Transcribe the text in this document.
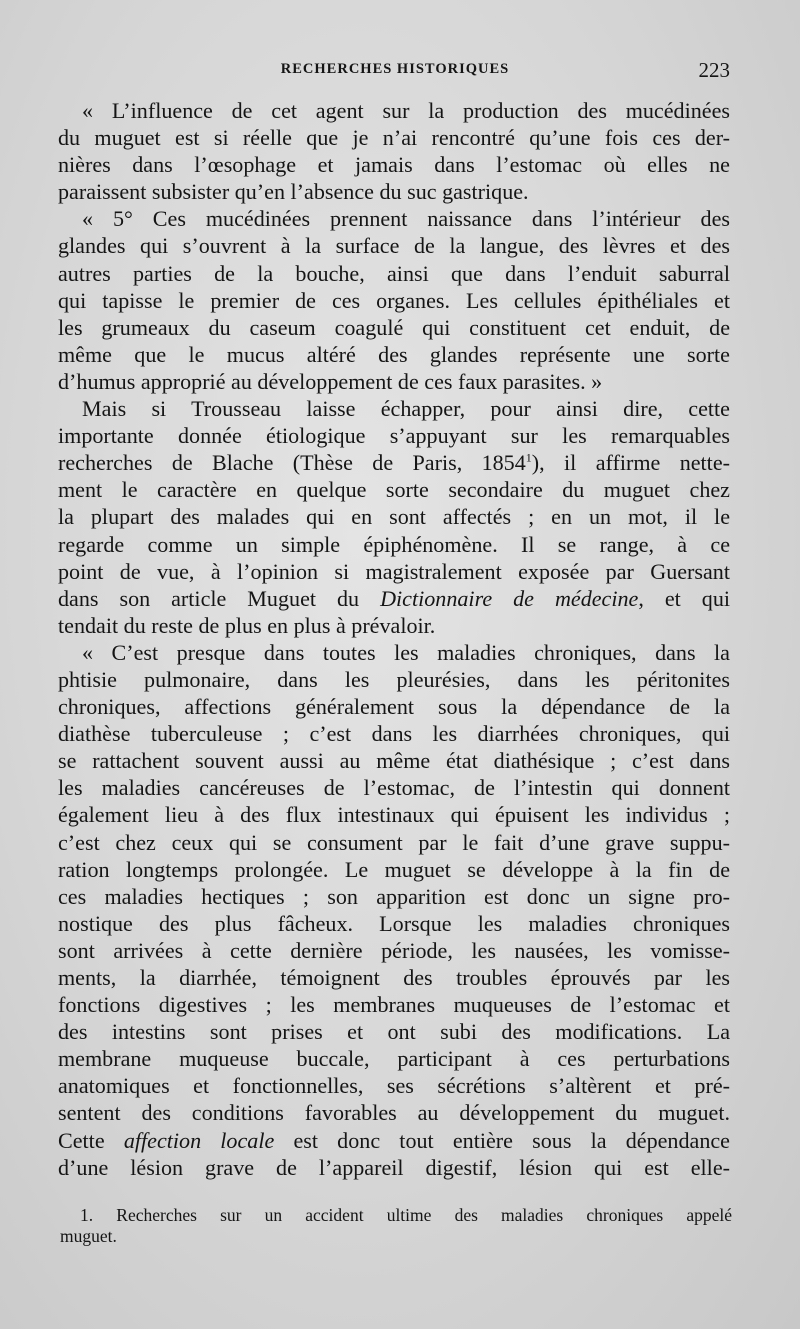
RECHERCHES HISTORIQUES	223
« L’influence de cet agent sur la production des mucédinées
du muguet est si réelle que je n’ai rencontré qu’une fois ces der-
nières dans l’œsophage et jamais dans l’estomac où elles ne
paraissent subsister qu’en l’absence du suc gastrique.
« 5° Ces mucédinées prennent naissance dans l’intérieur des
glandes qui s’ouvrent à la surface de la langue, des lèvres et des
autres parties de la bouche, ainsi que dans l’enduit saburral
qui tapisse le premier de ces organes. Les cellules épithéliales et
les grumeaux du caseum coagulé qui constituent cet enduit, de
même que le mucus altéré des glandes représente une sorte
d’humus approprié au développement de ces faux parasites. »
Mais si Trousseau laisse échapper, pour ainsi dire, cette
importante donnée étiologique s’appuyant sur les remarquables
recherches de Blache (Thèse de Paris, 1854$^1$), il affirme nette-
ment le caractère en quelque sorte secondaire du muguet chez
la plupart des malades qui en sont affectés ; en un mot, il le
regarde comme un simple épiphénomène. Il se range, à ce
point de vue, à l’opinion si magistralement exposée par Guersant
dans son article Muguet du Dictionnaire de médecine, et qui
tendait du reste de plus en plus à prévaloir.
« C’est presque dans toutes les maladies chroniques, dans la
phtisie pulmonaire, dans les pleurésies, dans les péritonites
chroniques, affections généralement sous la dépendance de la
diathèse tuberculeuse ; c’est dans les diarrhées chroniques, qui
se rattachent souvent aussi au même état diathésique ; c’est dans
les maladies cancéreuses de l’estomac, de l’intestin qui donnent
également lieu à des flux intestinaux qui épuisent les individus ;
c’est chez ceux qui se consument par le fait d’une grave suppu-
ration longtemps prolongée. Le muguet se développe à la fin de
ces maladies hectiques ; son apparition est donc un signe pro-
nostique des plus fâcheux. Lorsque les maladies chroniques
sont arrivées à cette dernière période, les nausées, les vomisse-
ments, la diarrhée, témoignent des troubles éprouvés par les
fonctions digestives ; les membranes muqueuses de l’estomac et
des intestins sont prises et ont subi des modifications. La
membrane muqueuse buccale, participant à ces perturbations
anatomiques et fonctionnelles, ses sécrétions s’altèrent et pré-
sentent des conditions favorables au développement du muguet.
Cette affection locale est donc tout entière sous la dépendance
d’une lésion grave de l’appareil digestif, lésion qui est elle-
1. Recherches sur un accident ultime des maladies chroniques appelé
muguet.
